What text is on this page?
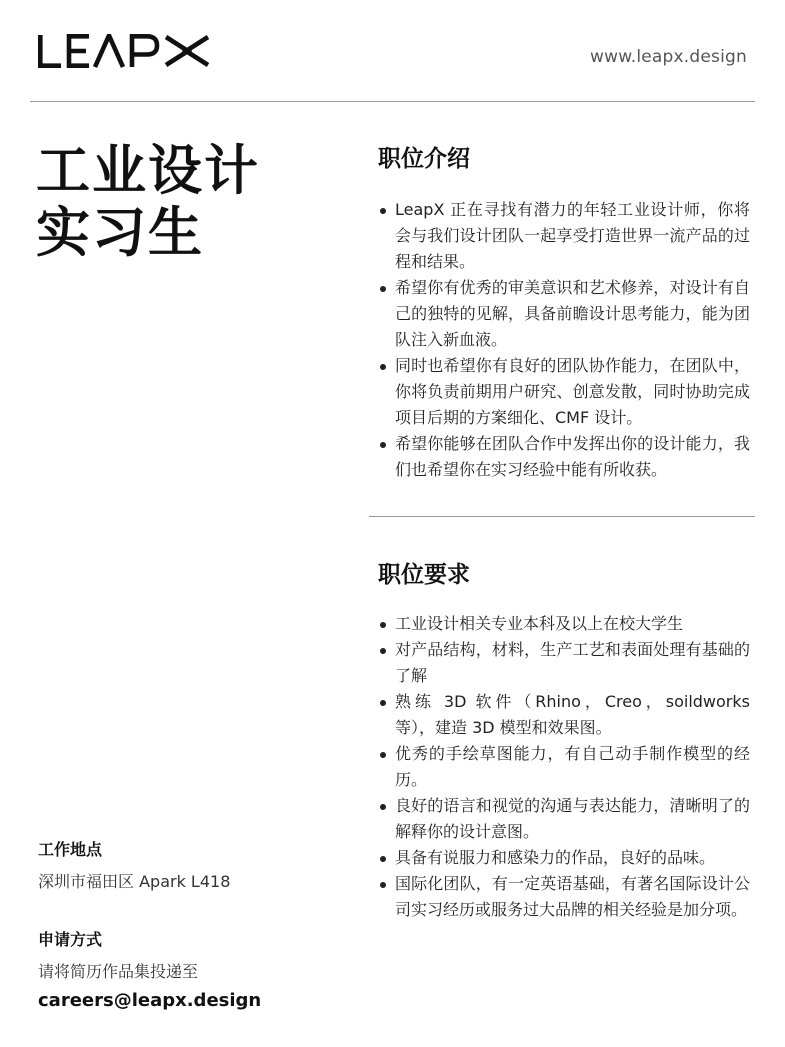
www.leapx.design
工业设计
实习生
职位介绍
LeapX 正在寻找有潜力的年轻工业设计师，你将会与我们设计团队一起享受打造世界一流产品的过程和结果。
希望你有优秀的审美意识和艺术修养，对设计有自己的独特的见解，具备前瞻设计思考能力，能为团队注入新血液。
同时也希望你有良好的团队协作能力，在团队中，你将负责前期用户研究、创意发散，同时协助完成项目后期的方案细化、CMF 设计。
希望你能够在团队合作中发挥出你的设计能力，我们也希望你在实习经验中能有所收获。
职位要求
工业设计相关专业本科及以上在校大学生
对产品结构，材料，生产工艺和表面处理有基础的了解
熟练 3D 软件（Rhino，Creo，soildworks 等），建造 3D 模型和效果图。
优秀的手绘草图能力，有自己动手制作模型的经历。
良好的语言和视觉的沟通与表达能力，清晰明了的解释你的设计意图。
具备有说服力和感染力的作品，良好的品味。
国际化团队，有一定英语基础，有著名国际设计公司实习经历或服务过大品牌的相关经验是加分项。
工作地点
深圳市福田区 Apark L418
申请方式
请将简历作品集投递至
careers@leapx.design
